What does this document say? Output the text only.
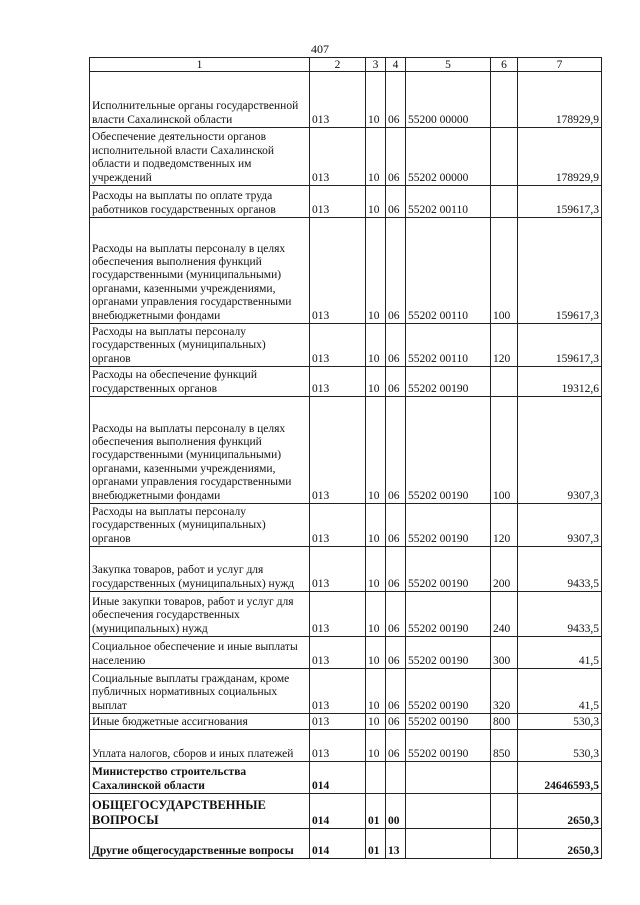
407
1	2	3	4	5	6	7
Исполнительные органы государственной власти Сахалинской области	013	10	06	55200 00000		178929,9
Обеспечение деятельности органов исполнительной власти Сахалинской области и подведомственных им учреждений	013	10	06	55202 00000		178929,9
Расходы на выплаты по оплате труда работников государственных органов	013	10	06	55202 00110		159617,3
Расходы на выплаты персоналу в целях обеспечения выполнения функций государственными (муниципальными) органами, казенными учреждениями, органами управления государственными внебюджетными фондами	013	10	06	55202 00110	100	159617,3
Расходы на выплаты персоналу государственных (муниципальных) органов	013	10	06	55202 00110	120	159617,3
Расходы на обеспечение функций государственных органов	013	10	06	55202 00190		19312,6
Расходы на выплаты персоналу в целях обеспечения выполнения функций государственными (муниципальными) органами, казенными учреждениями, органами управления государственными внебюджетными фондами	013	10	06	55202 00190	100	9307,3
Расходы на выплаты персоналу государственных (муниципальных) органов	013	10	06	55202 00190	120	9307,3
Закупка товаров, работ и услуг для государственных (муниципальных) нужд	013	10	06	55202 00190	200	9433,5
Иные закупки товаров, работ и услуг для обеспечения государственных (муниципальных) нужд	013	10	06	55202 00190	240	9433,5
Социальное обеспечение и иные выплаты населению	013	10	06	55202 00190	300	41,5
Социальные выплаты гражданам, кроме публичных нормативных социальных выплат	013	10	06	55202 00190	320	41,5
Иные бюджетные ассигнования	013	10	06	55202 00190	800	530,3
Уплата налогов, сборов и иных платежей	013	10	06	55202 00190	850	530,3
Министерство строительства Сахалинской области	014					24646593,5
ОБЩЕГОСУДАРСТВЕННЫЕ ВОПРОСЫ	014	01	00			2650,3
Другие общегосударственные вопросы	014	01	13			2650,3
